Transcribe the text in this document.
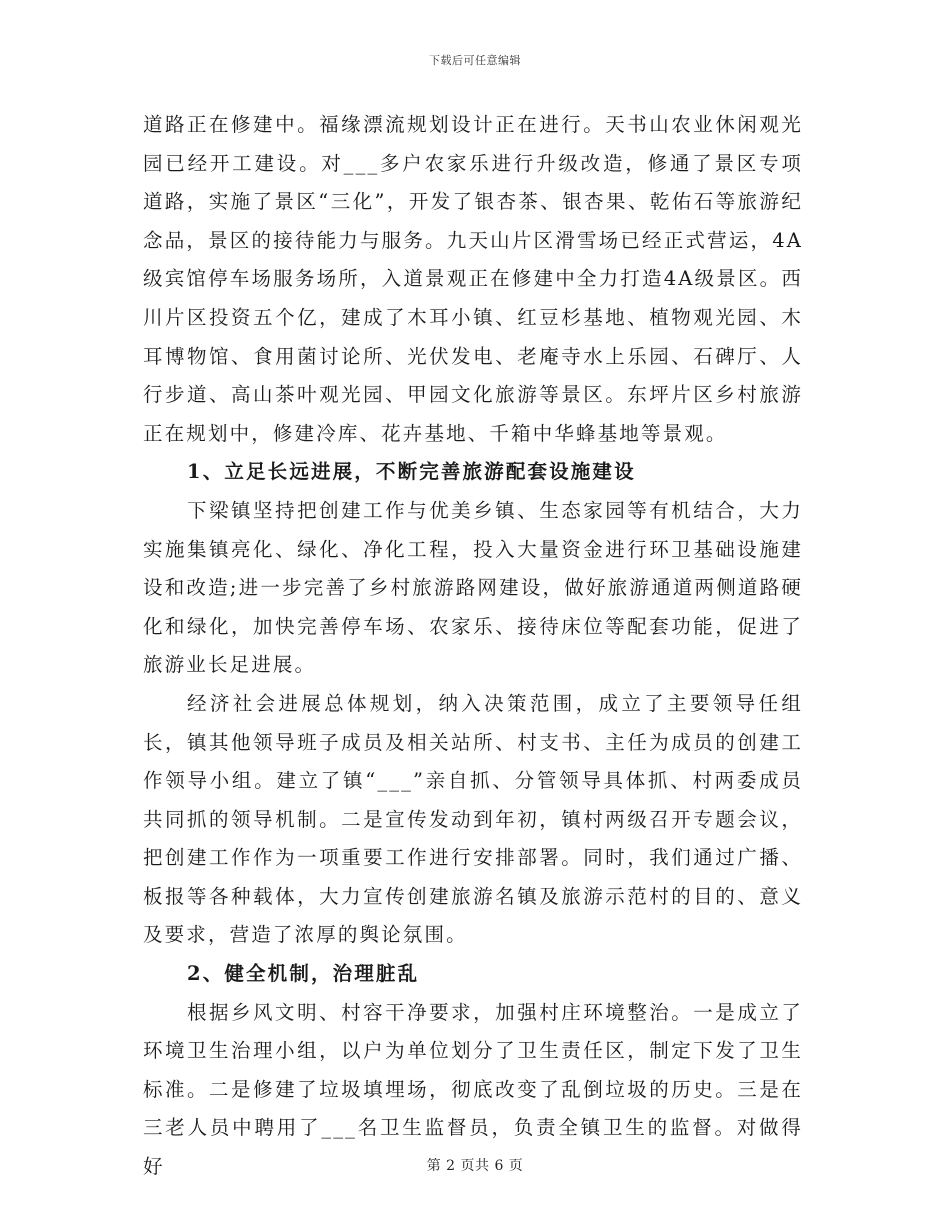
下载后可任意编辑

道路正在修建中。福缘漂流规划设计正在进行。天书山农业休闲观光园已经开工建设。对___多户农家乐进行升级改造，修通了景区专项道路，实施了景区“三化”，开发了银杏茶、银杏果、乾佑石等旅游纪念品，景区的接待能力与服务。九天山片区滑雪场已经正式营运，4A级宾馆停车场服务场所，入道景观正在修建中全力打造4A级景区。西川片区投资五个亿，建成了木耳小镇、红豆杉基地、植物观光园、木耳博物馆、食用菌讨论所、光伏发电、老庵寺水上乐园、石碑厅、人行步道、高山茶叶观光园、甲园文化旅游等景区。东坪片区乡村旅游正在规划中，修建冷库、花卉基地、千箱中华蜂基地等景观。

1、立足长远进展，不断完善旅游配套设施建设

下梁镇坚持把创建工作与优美乡镇、生态家园等有机结合，大力实施集镇亮化、绿化、净化工程，投入大量资金进行环卫基础设施建设和改造;进一步完善了乡村旅游路网建设，做好旅游通道两侧道路硬化和绿化，加快完善停车场、农家乐、接待床位等配套功能，促进了旅游业长足进展。

经济社会进展总体规划，纳入决策范围，成立了主要领导任组长，镇其他领导班子成员及相关站所、村支书、主任为成员的创建工作领导小组。建立了镇“___”亲自抓、分管领导具体抓、村两委成员共同抓的领导机制。二是宣传发动到年初，镇村两级召开专题会议，把创建工作作为一项重要工作进行安排部署。同时，我们通过广播、板报等各种载体，大力宣传创建旅游名镇及旅游示范村的目的、意义及要求，营造了浓厚的舆论氛围。

2、健全机制，治理脏乱

根据乡风文明、村容干净要求，加强村庄环境整治。一是成立了环境卫生治理小组，以户为单位划分了卫生责任区，制定下发了卫生标准。二是修建了垃圾填埋场，彻底改变了乱倒垃圾的历史。三是在三老人员中聘用了___名卫生监督员，负责全镇卫生的监督。对做得好	第 2 页共 6 页
